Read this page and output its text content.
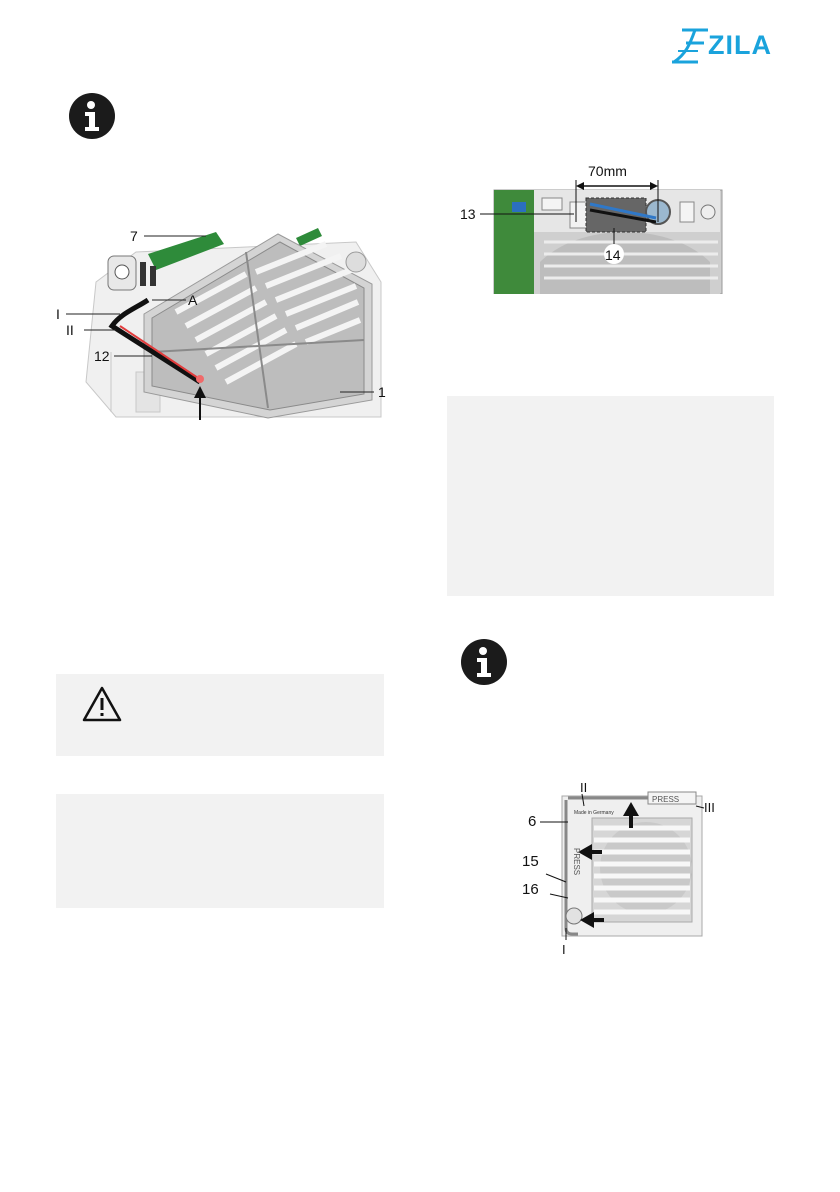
ZILA
7
A
I
II
12
1
70mm
13
14
Made in Germany
PRESS
PRESS
II
III
6
15
16
I
